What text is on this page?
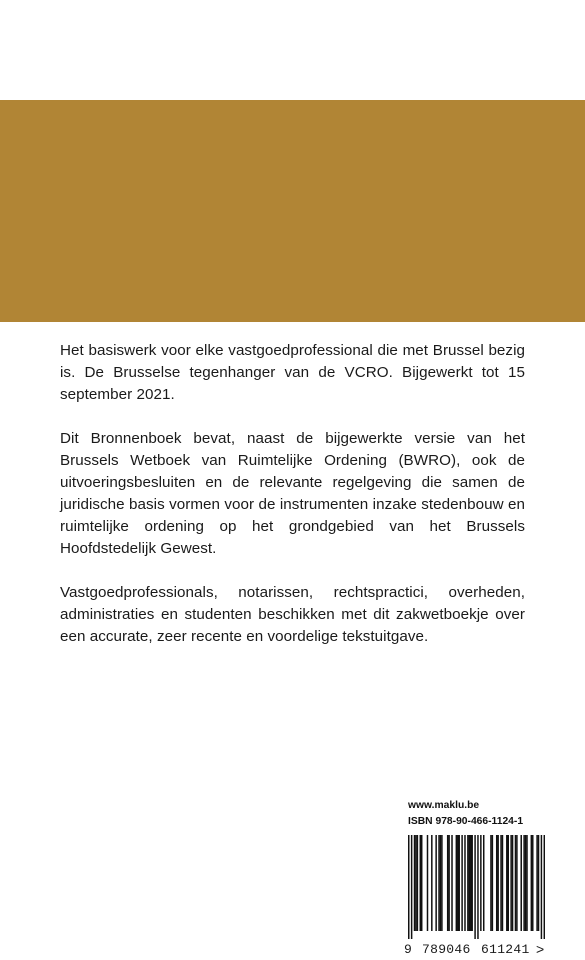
Het basiswerk voor elke vastgoedprofessional die met Brussel bezig is. De Brusselse tegenhanger van de VCRO. Bijgewerkt tot 15 september 2021.

Dit Bronnenboek bevat, naast de bijgewerkte versie van het Brussels Wetboek van Ruimtelijke Ordening (BWRO), ook de uitvoeringsbesluiten en de relevante regelgeving die samen de juridische basis vormen voor de instrumenten inzake stedenbouw en ruimtelijke ordening op het grondgebied van het Brussels Hoofdstedelijk Gewest.

Vastgoedprofessionals, notarissen, rechtspractici, overheden, administraties en studenten beschikken met dit zakwetboekje over een accurate, zeer recente en voordelige tekstuitgave.

www.maklu.be
ISBN 978-90-466-1124-1
9 789046 611241 >
